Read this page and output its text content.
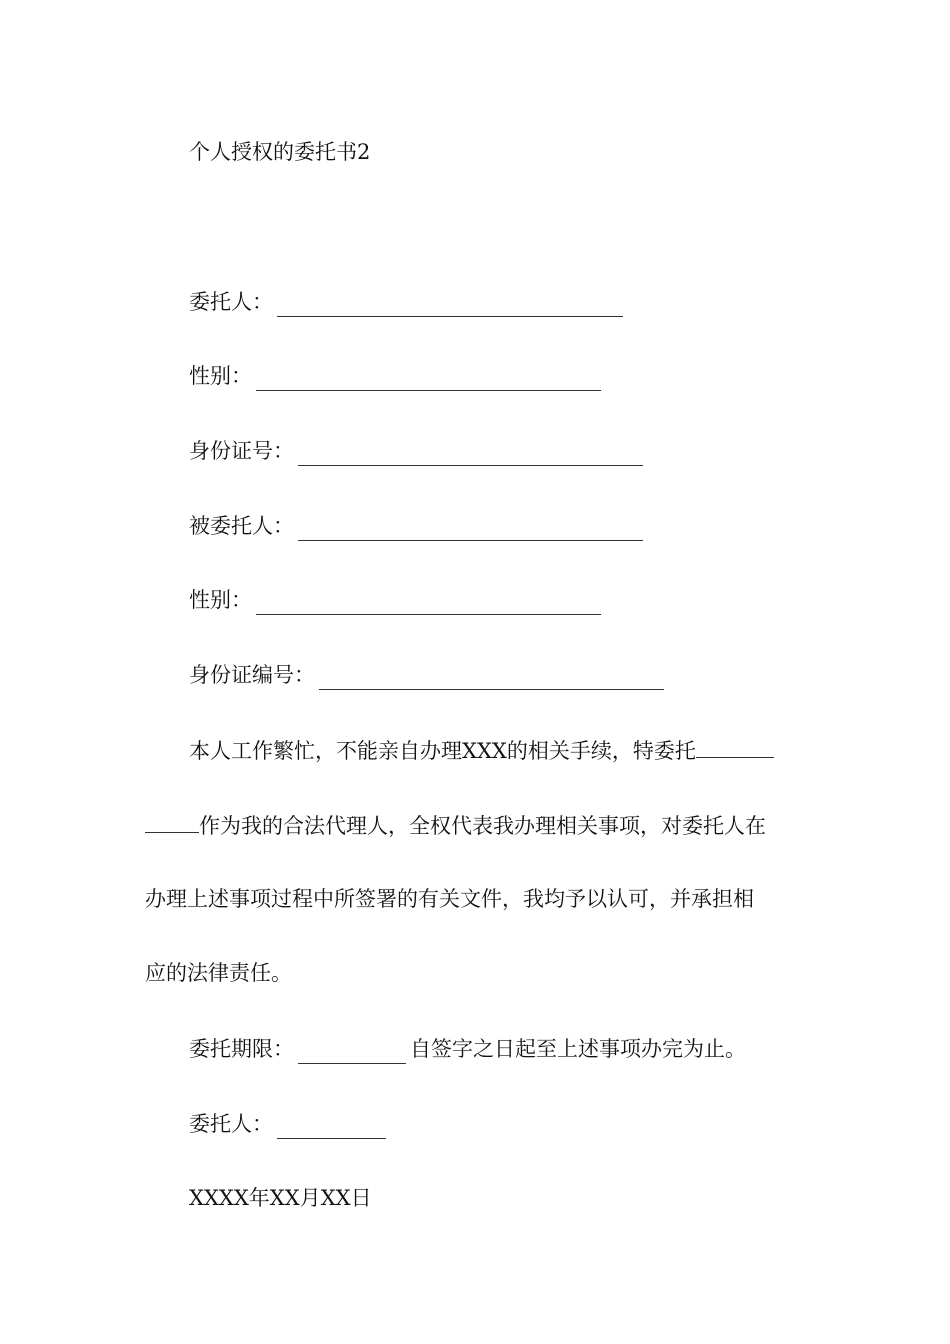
个人授权的委托书2
委托人：
性别：
身份证号：
被委托人：
性别：
身份证编号：
本人工作繁忙，不能亲自办理XXX的相关手续，特委托
作为我的合法代理人，全权代表我办理相关事项，对委托人在
办理上述事项过程中所签署的有关文件，我均予以认可，并承担相
应的法律责任。
委托期限：	自签字之日起至上述事项办完为止。
委托人：
XXXX年XX月XX日
